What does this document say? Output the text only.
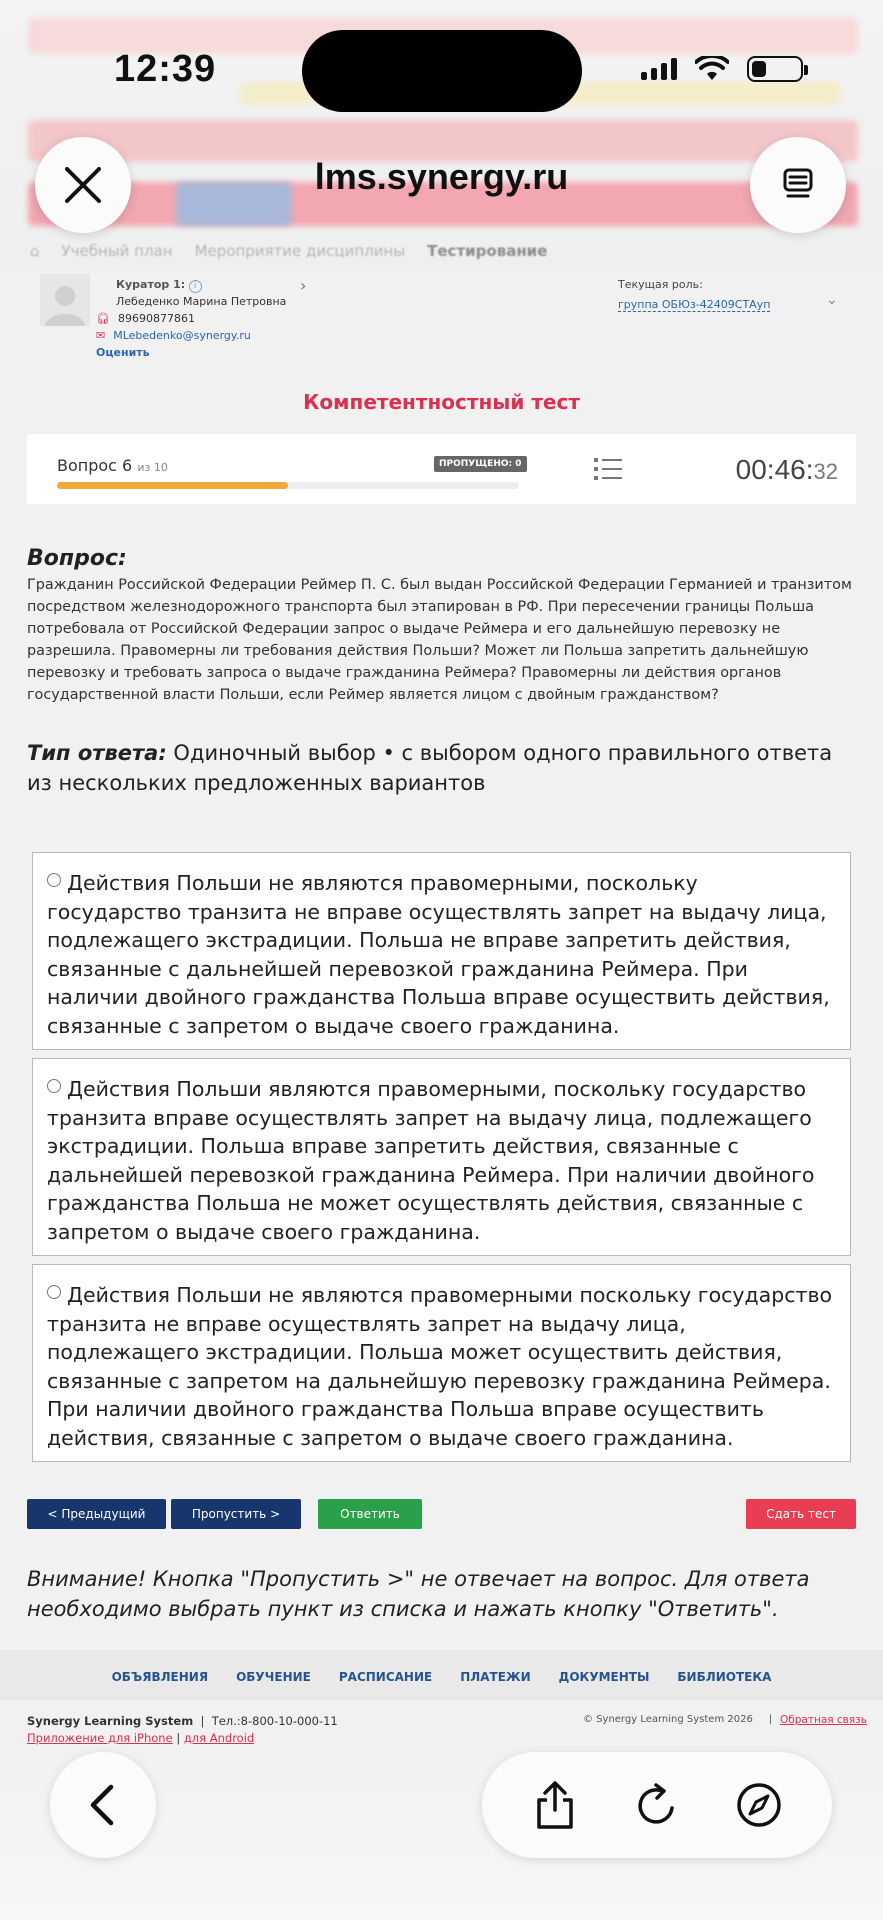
⌂ Учебный план Мероприятие дисциплины Тестирование
12:39
lms.synergy.ru
Куратор 1: i
Лебеденко Марина Петровна
🎧︎ 89690877861
✉︎ MLebedenko@synergy.ru
Оценить
›	Текущая роль:
группа ОБЮз-42409СТАуп	⌄
Компетентностный тест
Вопрос 6 из 10	ПРОПУЩЕНО: 0	00:46:32
Вопрос:
Гражданин Российской Федерации Реймер П. С. был выдан Российской Федерации Германией и транзитом посредством железнодорожного транспорта был этапирован в РФ. При пересечении границы Польша потребовала от Российской Федерации запрос о выдаче Реймера и его дальнейшую перевозку не разрешила. Правомерны ли требования действия Польши? Может ли Польша запретить дальнейшую перевозку и требовать запроса о выдаче гражданина Реймера? Правомерны ли действия органов государственной власти Польши, если Реймер является лицом с двойным гражданством?
Тип ответа: Одиночный выбор • с выбором одного правильного ответа из нескольких предложенных вариантов
Действия Польши не являются правомерными, поскольку государство транзита не вправе осуществлять запрет на выдачу лица, подлежащего экстрадиции. Польша не вправе запретить действия, связанные с дальнейшей перевозкой гражданина Реймера. При наличии двойного гражданства Польша вправе осуществить действия, связанные с запретом о выдаче своего гражданина.
Действия Польши являются правомерными, поскольку государство транзита вправе осуществлять запрет на выдачу лица, подлежащего экстрадиции. Польша вправе запретить действия, связанные с дальнейшей перевозкой гражданина Реймера. При наличии двойного гражданства Польша не может осуществлять действия, связанные с запретом о выдаче своего гражданина.
Действия Польши не являются правомерными поскольку государство транзита не вправе осуществлять запрет на выдачу лица, подлежащего экстрадиции. Польша может осуществить действия, связанные с запретом на дальнейшую перевозку гражданина Реймера. При наличии двойного гражданства Польша вправе осуществить действия, связанные с запретом о выдаче своего гражданина.
< Предыдущий	Пропустить >	Ответить	Сдать тест
Внимание! Кнопка "Пропустить >" не отвечает на вопрос. Для ответа необходимо выбрать пункт из списка и нажать кнопку "Ответить".
ОБЪЯВЛЕНИЯ ОБУЧЕНИЕ РАСПИСАНИЕ ПЛАТЕЖИ ДОКУМЕНТЫ БИБЛИОТЕКА
Synergy Learning System  |  Тел.:8-800-10-000-11
Приложение для iPhone | для Android
© Synergy Learning System 2026     | Обратная связь
